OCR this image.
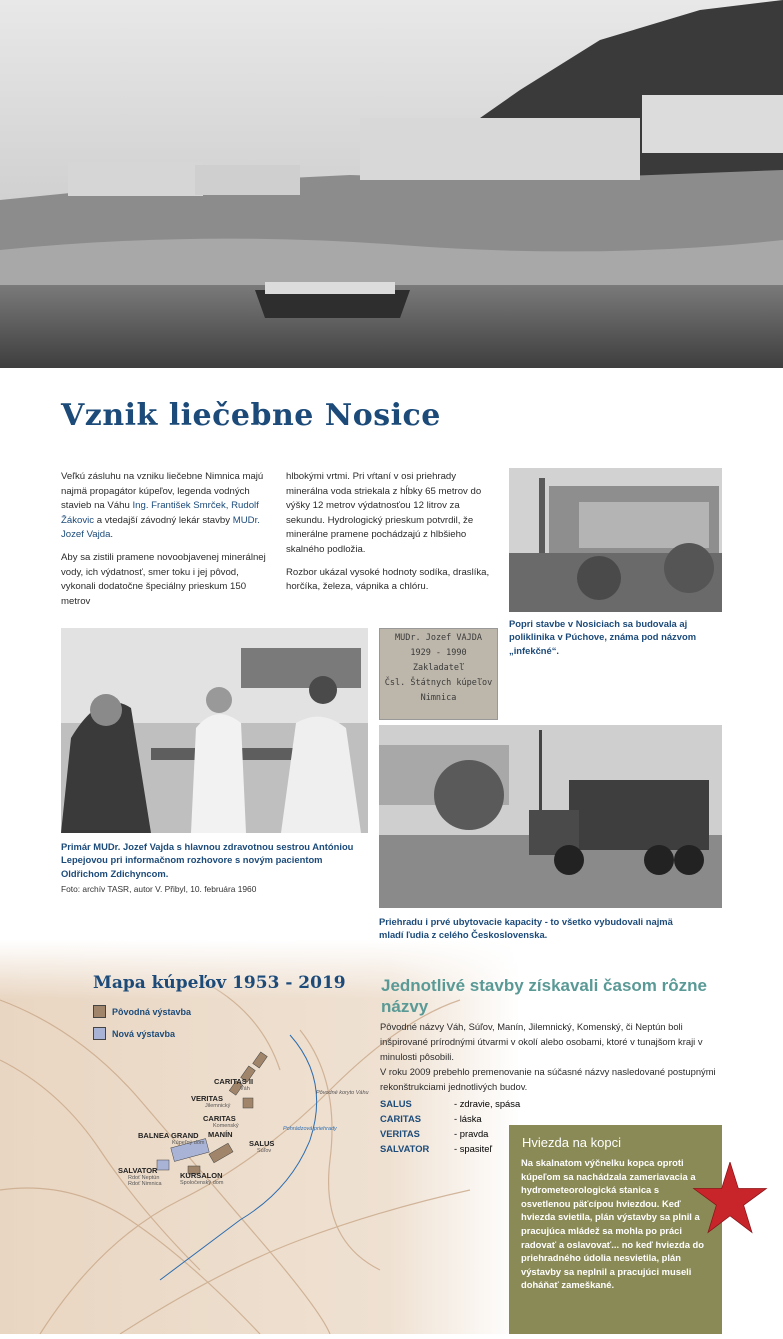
Vznik liečebne Nosice

Veľkú zásluhu na vzniku liečebne Nimnica majú najmä propagátor kúpeľov, legenda vodných stavieb na Váhu Ing. František Smrček, Rudolf Žákovic a vtedajší závodný lekár stavby MUDr. Jozef Vajda.

Aby sa zistili pramene novoobjavenej minerálnej vody, ich výdatnosť, smer toku i jej pôvod, vykonali dodatočne špeciálny prieskum 150 metrov

hlbokými vrtmi. Pri vŕtaní v osi priehrady minerálna voda striekala z hĺbky 65 metrov do výšky 12 metrov výdatnosťou 12 litrov za sekundu. Hydrologický prieskum potvrdil, že minerálne pramene pochádzajú z hlbšieho skalného podložia.

Rozbor ukázal vysoké hodnoty sodíka, draslíka, horčíka, železa, vápnika a chlóru.

Popri stavbe v Nosiciach sa budovala aj poliklinika v Púchove, známa pod názvom „infekčné“.
Primár MUDr. Jozef Vajda s hlavnou zdravotnou sestrou Antóniou Lepejovou pri informačnom rozhovore s novým pacientom Oldřichom Zdichyncom.
Foto: archív TASR, autor V. Přibyl, 10. februára 1960
MUDr. Jozef VAJDA
1929 - 1990
Zakladateľ
Čsl. Štátnych kúpeľov
Nimnica
Priehradu i prvé ubytovacie kapacity - to všetko vybudovali najmä mladí ľudia z celého Československa.
Mapa kúpeľov 1953 - 2019
Pôvodná výstavba
Nová výstavba
CARITAS II
Váh
VERITAS
Jilemnický
CARITAS
Komenský
BALNEA GRAND
Kúpeľný dom
MANÍN
SALUS
Súľov
SALVATOR
Rdoť Neptún
Rdoť Nimnica
KURSALON
Spoločenský dom
Pôvodné koryto Váhu
Pohrádzová priehrady
Jednotlivé stavby získavali časom rôzne názvy
Pôvodné názvy Váh, Súľov, Manín, Jilemnický, Komenský, či Neptún boli inšpirované prírodnými útvarmi v okolí alebo osobami, ktoré v tunajšom kraji v minulosti pôsobili.
V roku 2009 prebehlo premenovanie na súčasné názvy nasledované postupnými rekonštrukciami jednotlivých budov.
SALUS	- zdravie, spása
CARITAS	- láska
VERITAS	- pravda
SALVATOR	- spasiteľ Hviezda na kopci
Na skalnatom výčnelku kopca oproti kúpeľom sa nachádzala zameriavacia a hydrometeorologická stanica s osvetlenou päťcípou hviezdou. Keď hviezda svietila, plán výstavby sa plnil a pracujúca mládež sa mohla po práci radovať a oslavovať... no keď hviezda do priehradného údolia nesvietila, plán výstavby sa neplnil a pracujúci museli doháňať zameškané.
